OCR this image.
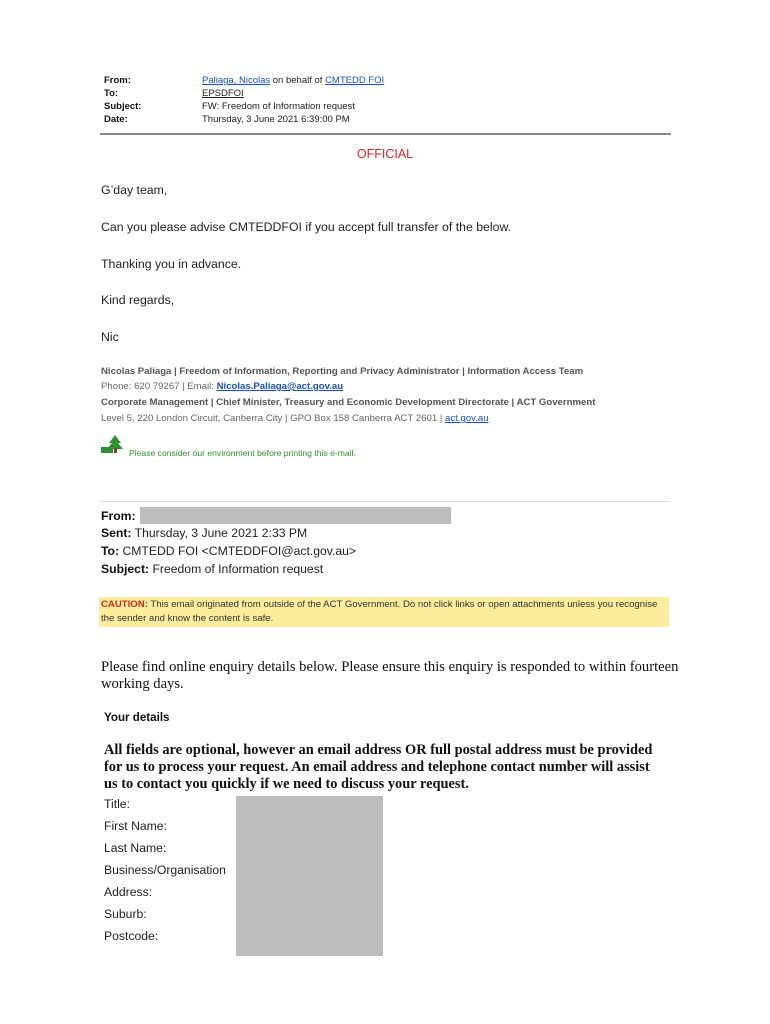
From:	Paliaga, Nicolas on behalf of CMTEDD FOI
To:	EPSDFOI
Subject:	FW: Freedom of Information request
Date:	Thursday, 3 June 2021 6:39:00 PM
OFFICIAL
G’day team,
Can you please advise CMTEDDFOI if you accept full transfer of the below.
Thanking you in advance.
Kind regards,
Nic
Nicolas Paliaga | Freedom of Information, Reporting and Privacy Administrator | Information Access Team
Phone: 620 79267 | Email: Nicolas.Paliaga@act.gov.au
Corporate Management | Chief Minister, Treasury and Economic Development Directorate | ACT Government
Level 5, 220 London Circuit, Canberra City | GPO Box 158 Canberra ACT 2601 | act.gov.au
Please consider our environment before printing this e-mail.
From:
Sent: Thursday, 3 June 2021 2:33 PM
To: CMTEDD FOI <CMTEDDFOI@act.gov.au>
Subject: Freedom of Information request
CAUTION: This email originated from outside of the ACT Government. Do not click links or open attachments unless you recognise the sender and know the content is safe.
Please find online enquiry details below. Please ensure this enquiry is responded to within fourteen working days.
Your details
All fields are optional, however an email address OR full postal address must be provided for us to process your request. An email address and telephone contact number will assist us to contact you quickly if we need to discuss your request.
Title:
First Name:
Last Name:
Business/Organisation
Address:
Suburb:
Postcode:
